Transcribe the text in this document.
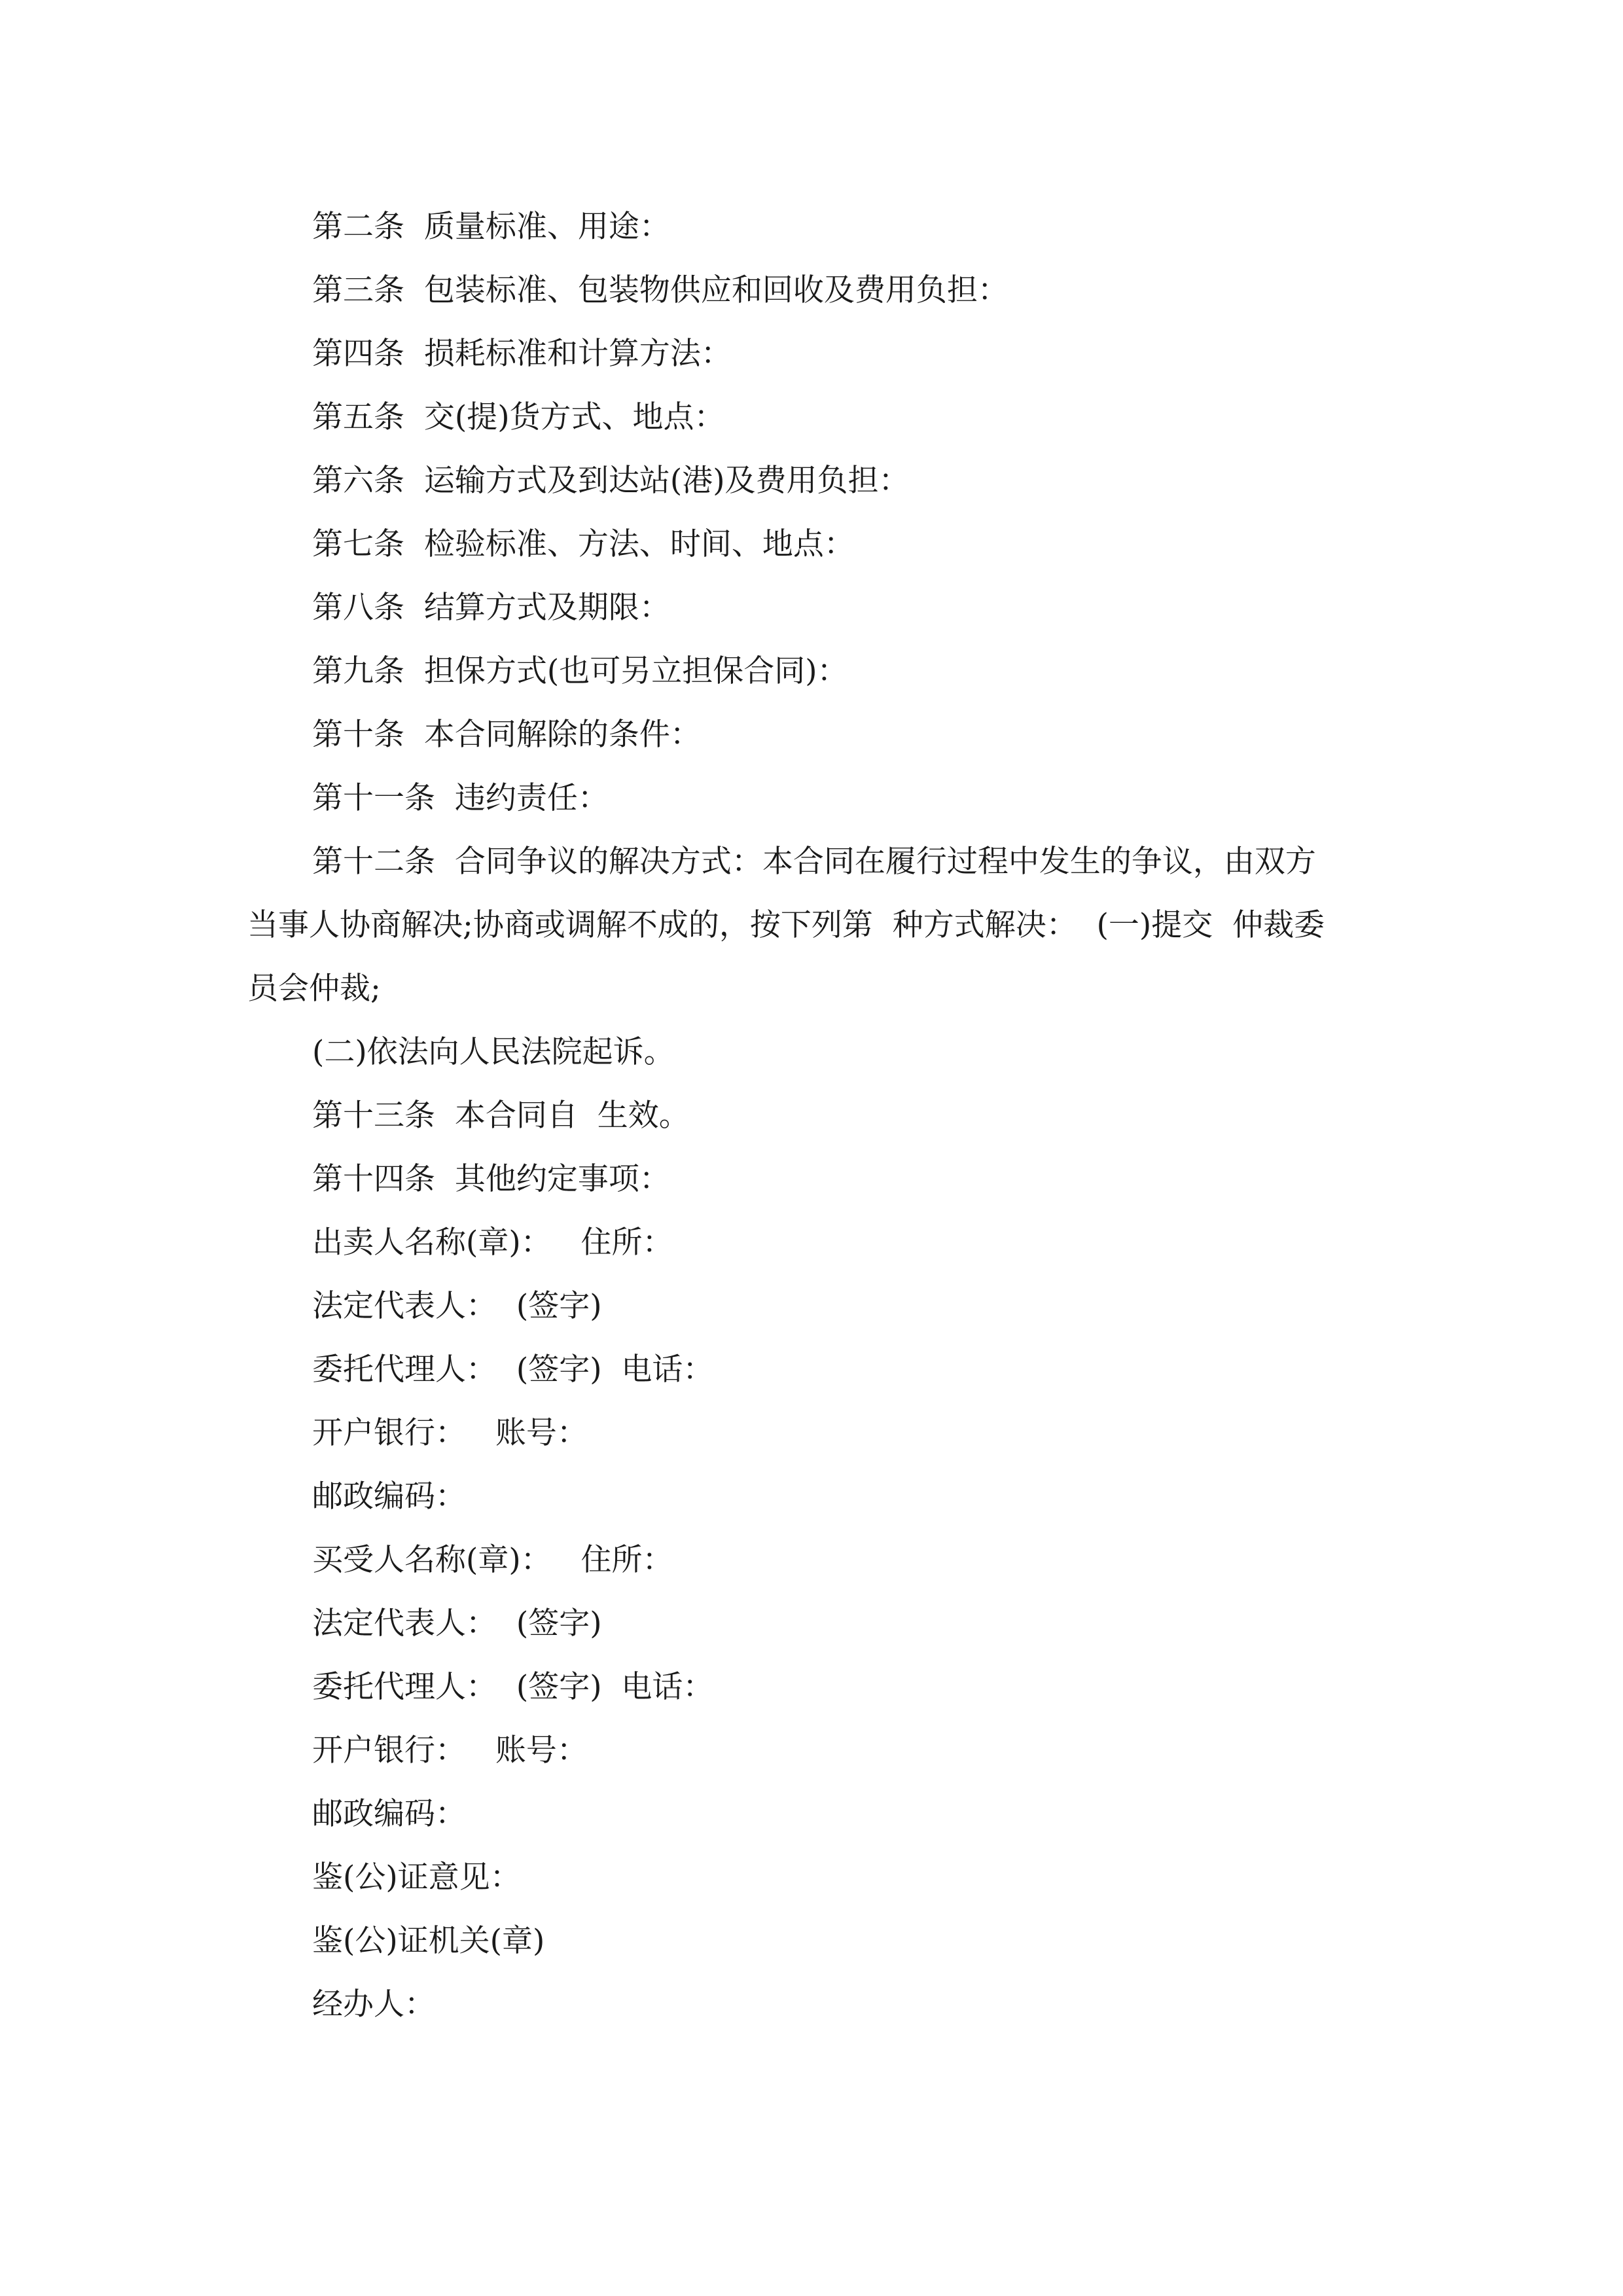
第二条  质量标准、用途：
第三条  包装标准、包装物供应和回收及费用负担：
第四条  损耗标准和计算方法：
第五条  交(提)货方式、地点：
第六条  运输方式及到达站(港)及费用负担：
第七条  检验标准、方法、时间、地点：
第八条  结算方式及期限：
第九条  担保方式(也可另立担保合同)：
第十条  本合同解除的条件：
第十一条  违约责任：
第十二条  合同争议的解决方式：本合同在履行过程中发生的争议，由双方
当事人协商解决;协商或调解不成的，按下列第  种方式解决：  (一)提交  仲裁委
员会仲裁;
(二)依法向人民法院起诉。
第十三条  本合同自  生效。
第十四条  其他约定事项：
出卖人名称(章)：   住所：
法定代表人：  (签字)
委托代理人：  (签字)  电话：
开户银行：   账号：
邮政编码：
买受人名称(章)：   住所：
法定代表人：  (签字)
委托代理人：  (签字)  电话：
开户银行：   账号：
邮政编码：
鉴(公)证意见：
鉴(公)证机关(章)
经办人：
